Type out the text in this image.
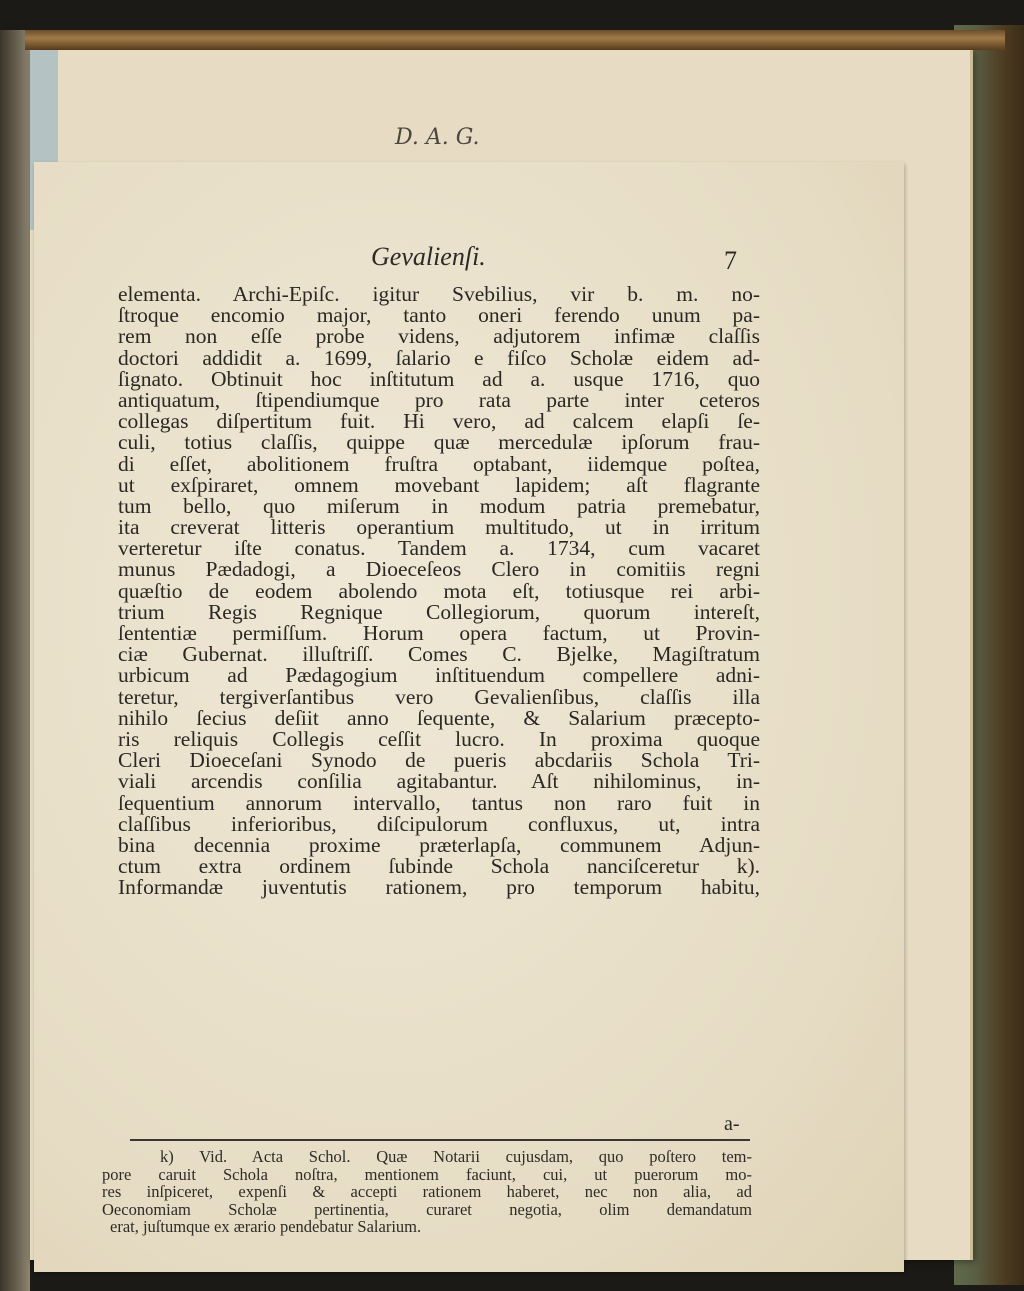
D. A. G.
Gevalienſi.	7
elementa. Archi-Epiſc. igitur Svebilius, vir b. m. no-
ſtroque encomio major, tanto oneri ferendo unum pa-
rem non eſſe probe videns, adjutorem infimæ claſſis
doctori addidit a. 1699, ſalario e fiſco Scholæ eidem ad-
ſignato. Obtinuit hoc inſtitutum ad a. usque 1716, quo
antiquatum, ſtipendiumque pro rata parte inter ceteros
collegas diſpertitum fuit. Hi vero, ad calcem elapſi ſe-
culi, totius claſſis, quippe quæ mercedulæ ipſorum frau-
di eſſet, abolitionem fruſtra optabant, iidemque poſtea,
ut exſpiraret, omnem movebant lapidem; aſt flagrante
tum bello, quo miſerum in modum patria premebatur,
ita creverat litteris operantium multitudo, ut in irritum
verteretur iſte conatus. Tandem a. 1734, cum vacaret
munus Pædadogi, a Dioeceſeos Clero in comitiis regni
quæſtio de eodem abolendo mota eſt, totiusque rei arbi-
trium Regis Regnique Collegiorum, quorum intereſt,
ſententiæ permiſſum. Horum opera factum, ut Provin-
ciæ Gubernat. illuſtriſſ. Comes C. Bjelke, Magiſtratum
urbicum ad Pædagogium inſtituendum compellere adni-
teretur, tergiverſantibus vero Gevalienſibus, claſſis illa
nihilo ſecius deſiit anno ſequente, & Salarium præcepto-
ris reliquis Collegis ceſſit lucro. In proxima quoque
Cleri Dioeceſani Synodo de pueris abcdariis Schola Tri-
viali arcendis conſilia agitabantur. Aſt nihilominus, in-
ſequentium annorum intervallo, tantus non raro fuit in
claſſibus inferioribus, diſcipulorum confluxus, ut, intra
bina decennia proxime præterlapſa, communem Adjun-
ctum extra ordinem ſubinde Schola nanciſceretur k).
Informandæ juventutis rationem, pro temporum habitu,
a-
k) Vid. Acta Schol. Quæ Notarii cujusdam, quo poſtero tem-
pore caruit Schola noſtra, mentionem faciunt, cui, ut puerorum mo-
res inſpiceret, expenſi & accepti rationem haberet, nec non alia, ad
Oeconomiam Scholæ pertinentia, curaret negotia, olim demandatum
erat, juſtumque ex ærario pendebatur Salarium.
